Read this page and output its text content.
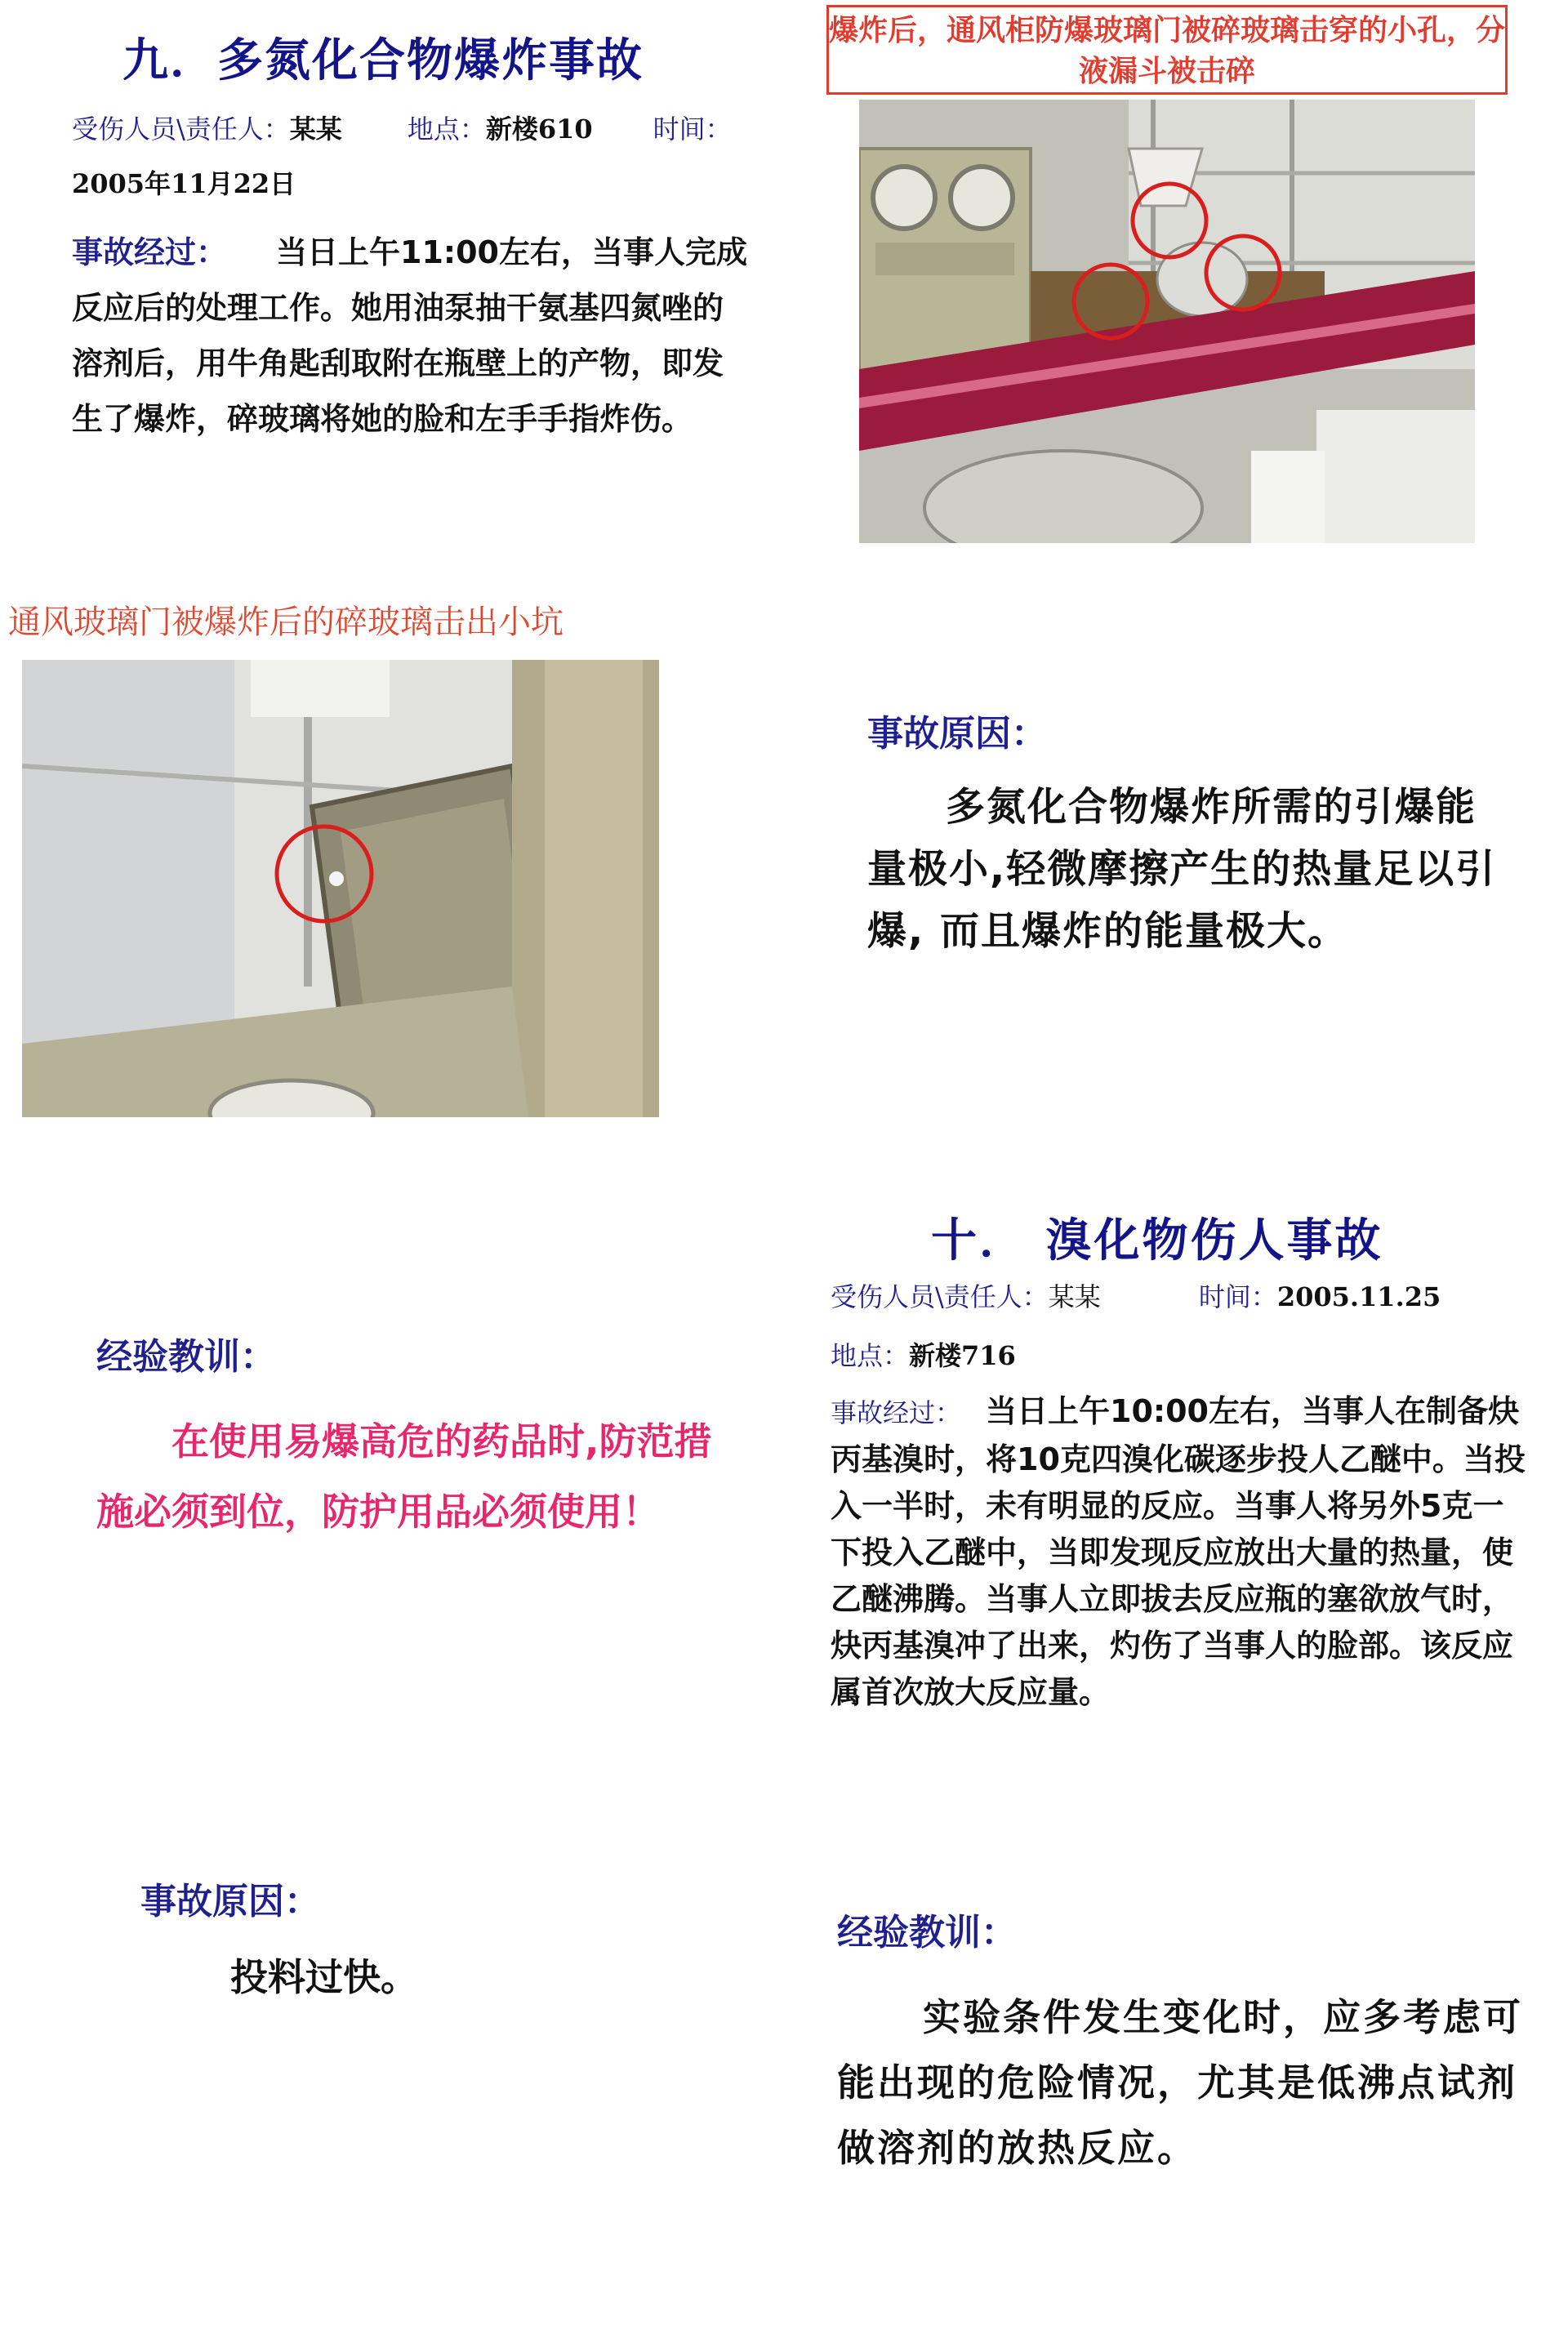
九．多氮化合物爆炸事故
受伤人员\责任人：某某	地点：新楼610 时间：2005年11月22日
事故经过： 当日上午11:00左右，当事人完成反应后的处理工作。她用油泵抽干氨基四氮唑的溶剂后，用牛角匙刮取附在瓶壁上的产物，即发生了爆炸，碎玻璃将她的脸和左手手指炸伤。
爆炸后，通风柜防爆玻璃门被碎玻璃击穿的小孔，分液漏斗被击碎
通风玻璃门被爆炸后的碎玻璃击出小坑
事故原因：
多氮化合物爆炸所需的引爆能量极小,轻微摩擦产生的热量足以引爆, 而且爆炸的能量极大。
经验教训：
在使用易爆高危的药品时,防范措施必须到位，防护用品必须使用！
十． 溴化物伤人事故
受伤人员\责任人：某某	时间：2005.11.25
地点：新楼716
事故经过： 当日上午10:00左右，当事人在制备炔丙基溴时，将10克四溴化碳逐步投人乙醚中。当投入一半时，未有明显的反应。当事人将另外5克一下投入乙醚中，当即发现反应放出大量的热量，使乙醚沸腾。当事人立即拔去反应瓶的塞欲放气时，炔丙基溴冲了出来，灼伤了当事人的脸部。该反应属首次放大反应量。
事故原因：
投料过快。
经验教训：
实验条件发生变化时，应多考虑可能出现的危险情况，尤其是低沸点试剂做溶剂的放热反应。
